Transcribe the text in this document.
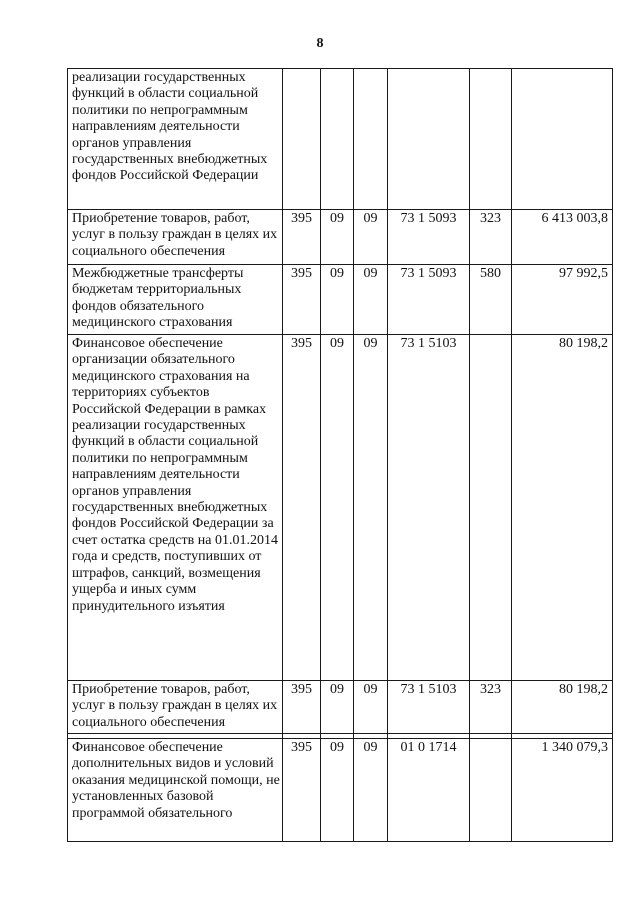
8
реализации государственных функций в области социальной политики по непрограммным направлениям деятельности органов управления государственных внебюджетных фондов Российской Федерации						
Приобретение товаров, работ, услуг в пользу граждан в целях их социального обеспечения	395	09	09	73 1 5093	323	6 413 003,8
Межбюджетные трансферты бюджетам территориальных фондов обязательного медицинского страхования	395	09	09	73 1 5093	580	97 992,5
Финансовое обеспечение организации обязательного медицинского страхования на территориях субъектов Российской Федерации в рамках реализации государственных функций в области социальной политики по непрограммным направлениям деятельности органов управления государственных внебюджетных фондов Российской Федерации за счет остатка средств на 01.01.2014 года и средств, поступивших от штрафов, санкций, возмещения ущерба и иных сумм принудительного изъятия	395	09	09	73 1 5103		80 198,2
Приобретение товаров, работ, услуг в пользу граждан в целях их социального обеспечения	395	09	09	73 1 5103	323	80 198,2

Финансовое обеспечение дополнительных видов и условий оказания медицинской помощи, не установленных базовой программой обязательного	395	09	09	01 0 1714		1 340 079,3
